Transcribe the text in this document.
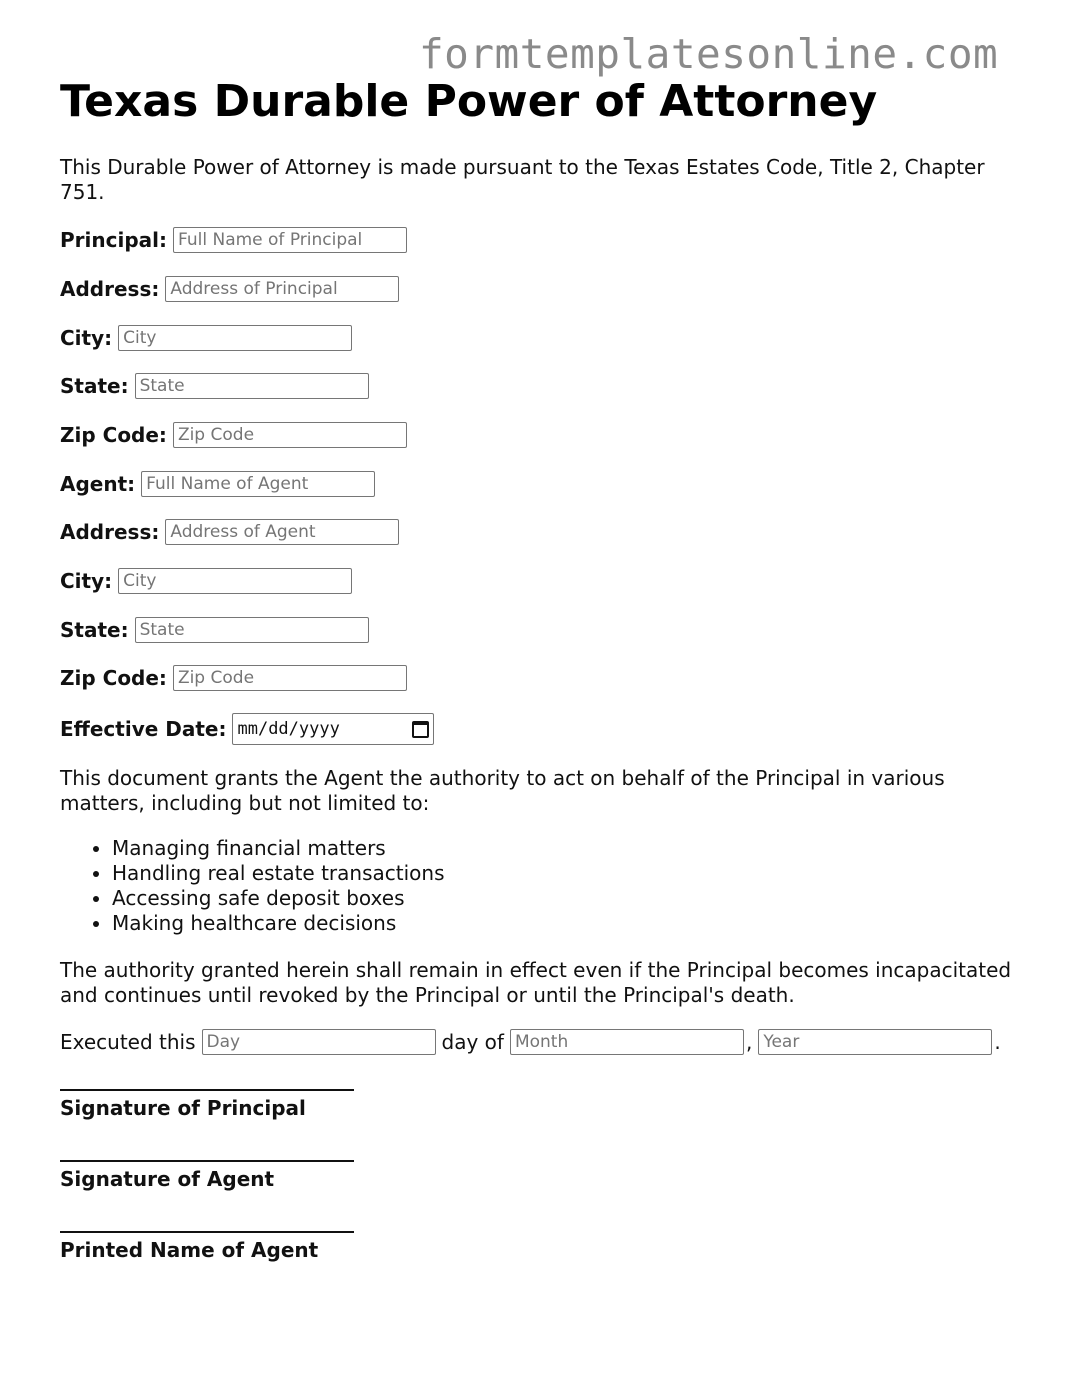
formtemplatesonline.com
Texas Durable Power of Attorney

This Durable Power of Attorney is made pursuant to the Texas Estates Code, Title 2, Chapter 751.

Principal:
Full Name of Principal
Address:
Address of Principal
City:
City
State:
State
Zip Code:
Zip Code
Agent:
Full Name of Agent
Address:
Address of Agent
City:
City
State:
State
Zip Code:
Zip Code
Effective Date: mm/dd/yyyy

This document grants the Agent the authority to act on behalf of the Principal in various matters, including but not limited to:

• Managing financial matters
• Handling real estate transactions
• Accessing safe deposit boxes
• Making healthcare decisions

The authority granted herein shall remain in effect even if the Principal becomes incapacitated and continues until revoked by the Principal or until the Principal's death.

Executed this
Day	day of
Month	,
Year	.
Signature of Principal
Signature of Agent
Printed Name of Agent
